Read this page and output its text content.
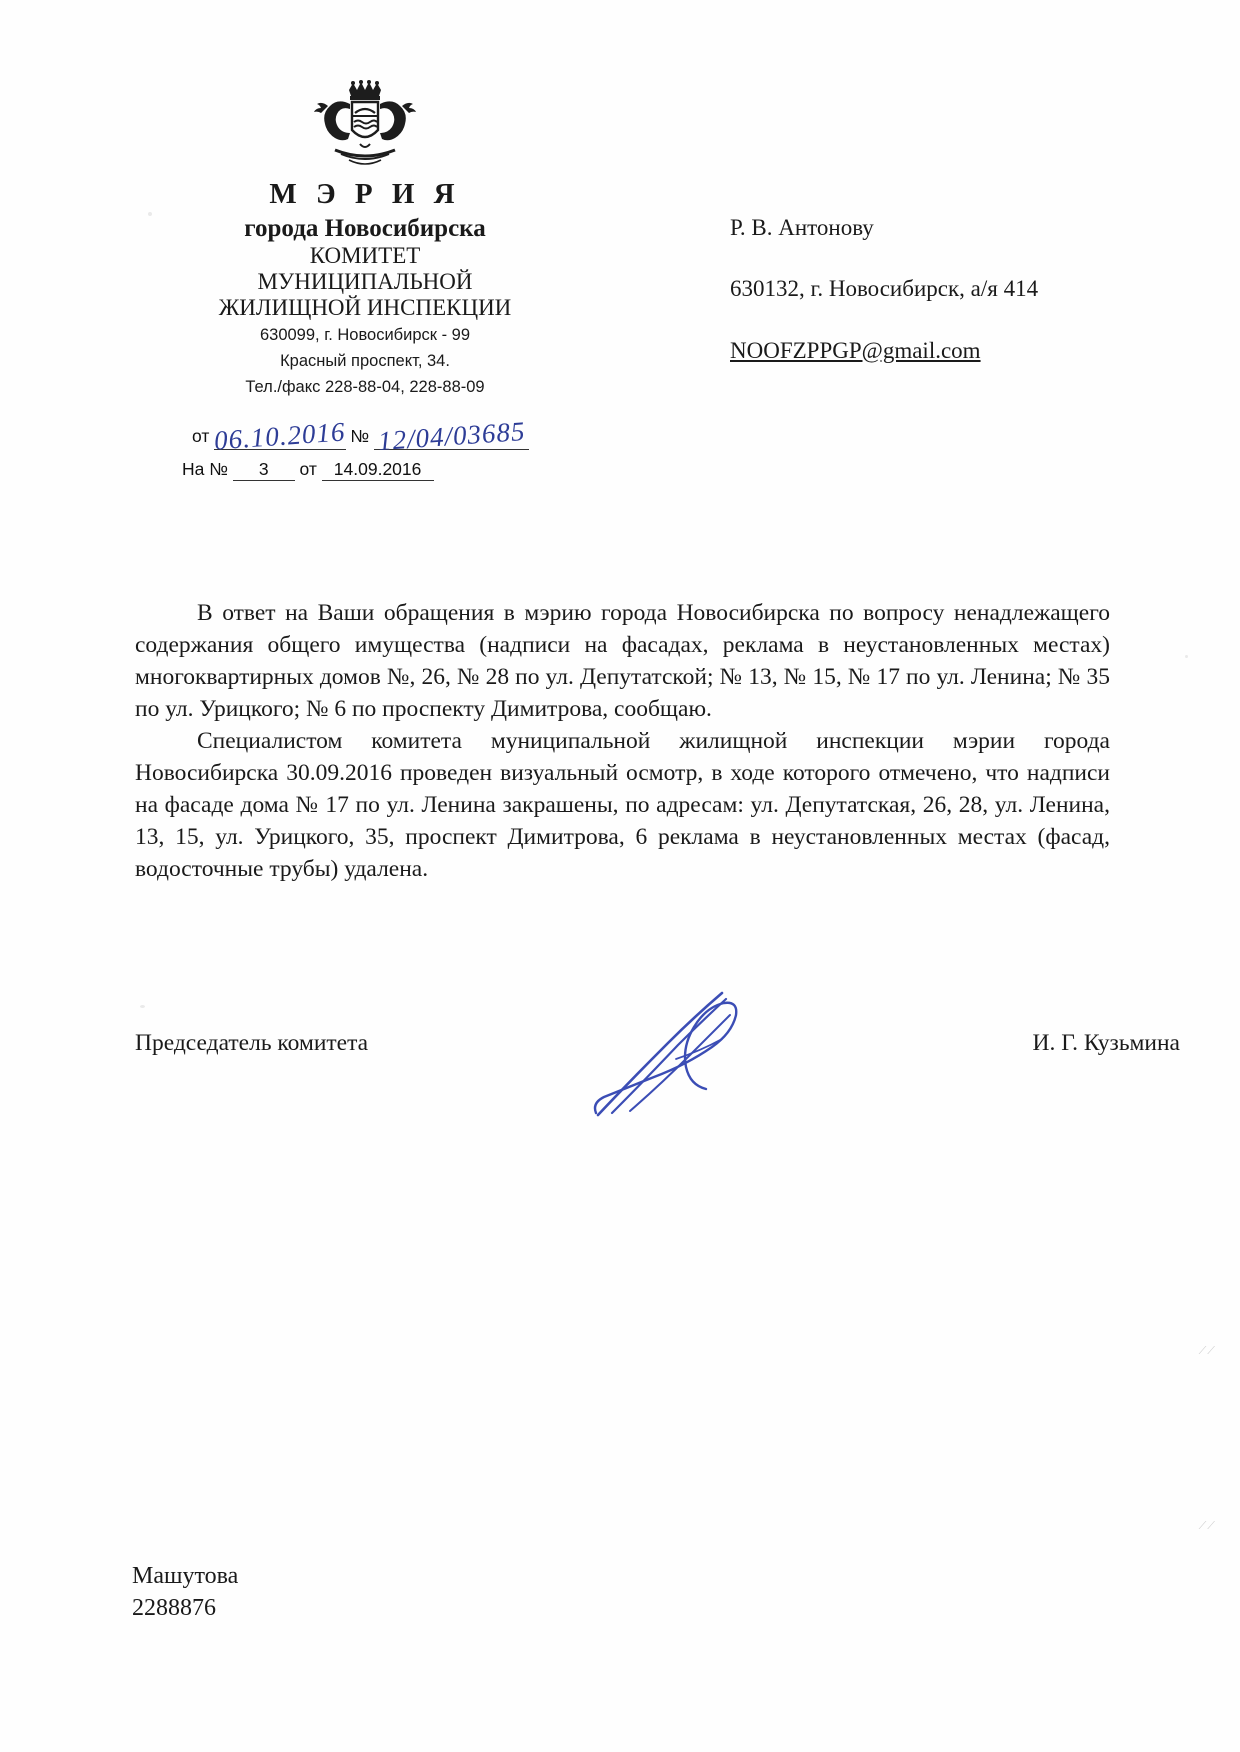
⟋⟋
⟋⟋
М Э Р И Я
города Новосибирска
КОМИТЕТ
МУНИЦИПАЛЬНОЙ
ЖИЛИЩНОЙ ИНСПЕКЦИИ
630099, г. Новосибирск - 99
Красный проспект, 34.
Тел./факс 228-88-04, 228-88-09
от 06.10.2016 № 12/04/03685
На № 3 от 14.09.2016
Р. В. Антонову
630132, г. Новосибирск, а/я 414
NOOFZPPGP@gmail.com

В ответ на Ваши обращения в мэрию города Новосибирска по вопросу ненадлежащего содержания общего имущества (надписи на фасадах, реклама в неустановленных местах) многоквартирных домов №, 26, № 28 по ул. Депутатской; № 13, № 15, № 17 по ул. Ленина; № 35 по ул. Урицкого; № 6 по проспекту Димитрова, сообщаю.

Специалистом комитета муниципальной жилищной инспекции мэрии города Новосибирска 30.09.2016 проведен визуальный осмотр, в ходе которого отмечено, что надписи на фасаде дома № 17 по ул. Ленина закрашены, по адресам: ул. Депутатская, 26, 28, ул. Ленина, 13, 15, ул. Урицкого, 35, проспект Димитрова, 6 реклама в неустановленных местах (фасад, водосточные трубы) удалена.

Председатель комитета	И. Г. Кузьмина
Машутова
2288876
